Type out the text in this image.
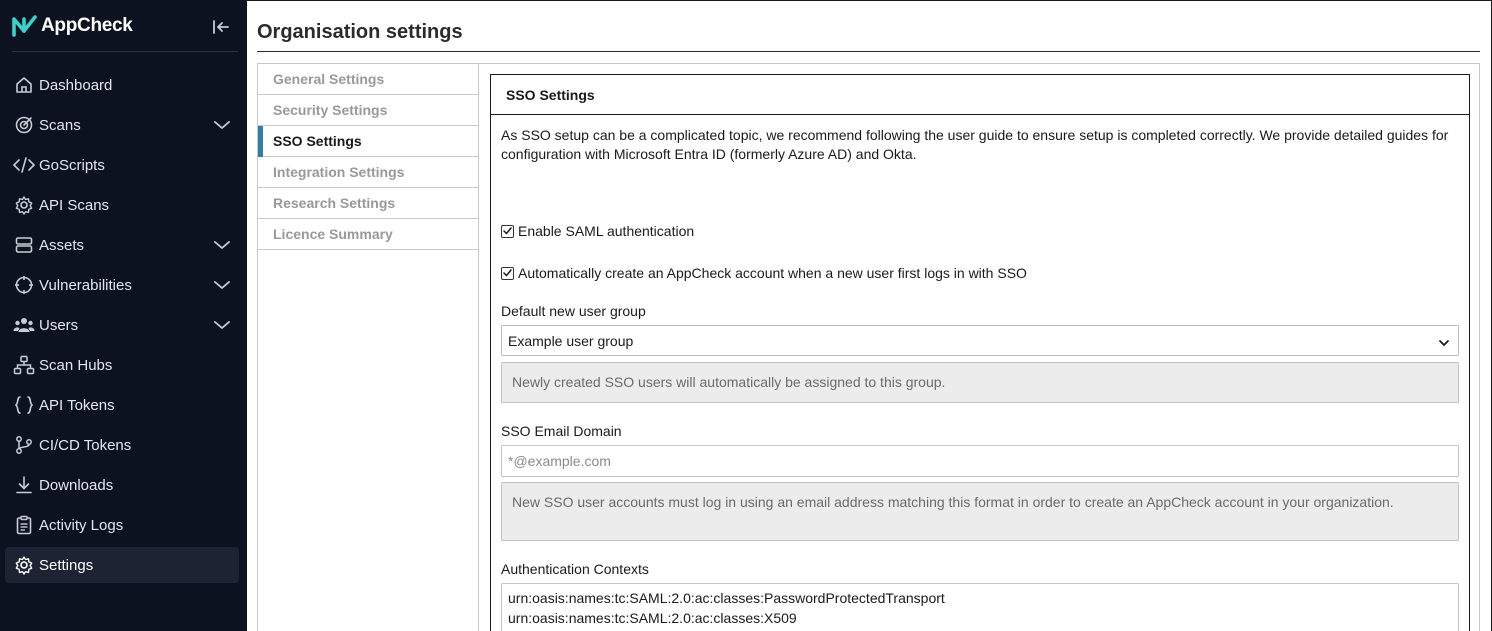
AppCheck
Dashboard
Scans
GoScripts
API Scans
Assets
Vulnerabilities
Users
Scan Hubs
API Tokens
CI/CD Tokens
Downloads
Activity Logs
Settings
Organisation settings
General Settings
Security Settings
SSO Settings
Integration Settings
Research Settings
Licence Summary
SSO Settings

As SSO setup can be a complicated topic, we recommend following the user guide to ensure setup is completed correctly. We provide detailed guides for configuration with Microsoft Entra ID (formerly Azure AD) and Okta.

Enable SAML authentication
Automatically create an AppCheck account when a new user first logs in with SSO
Default new user group
Example user group
Newly created SSO users will automatically be assigned to this group.
SSO Email Domain
*@example.com
New SSO user accounts must log in using an email address matching this format in order to create an AppCheck account in your organization.
Authentication Contexts
urn:oasis:names:tc:SAML:2.0:ac:classes:PasswordProtectedTransport
urn:oasis:names:tc:SAML:2.0:ac:classes:X509
